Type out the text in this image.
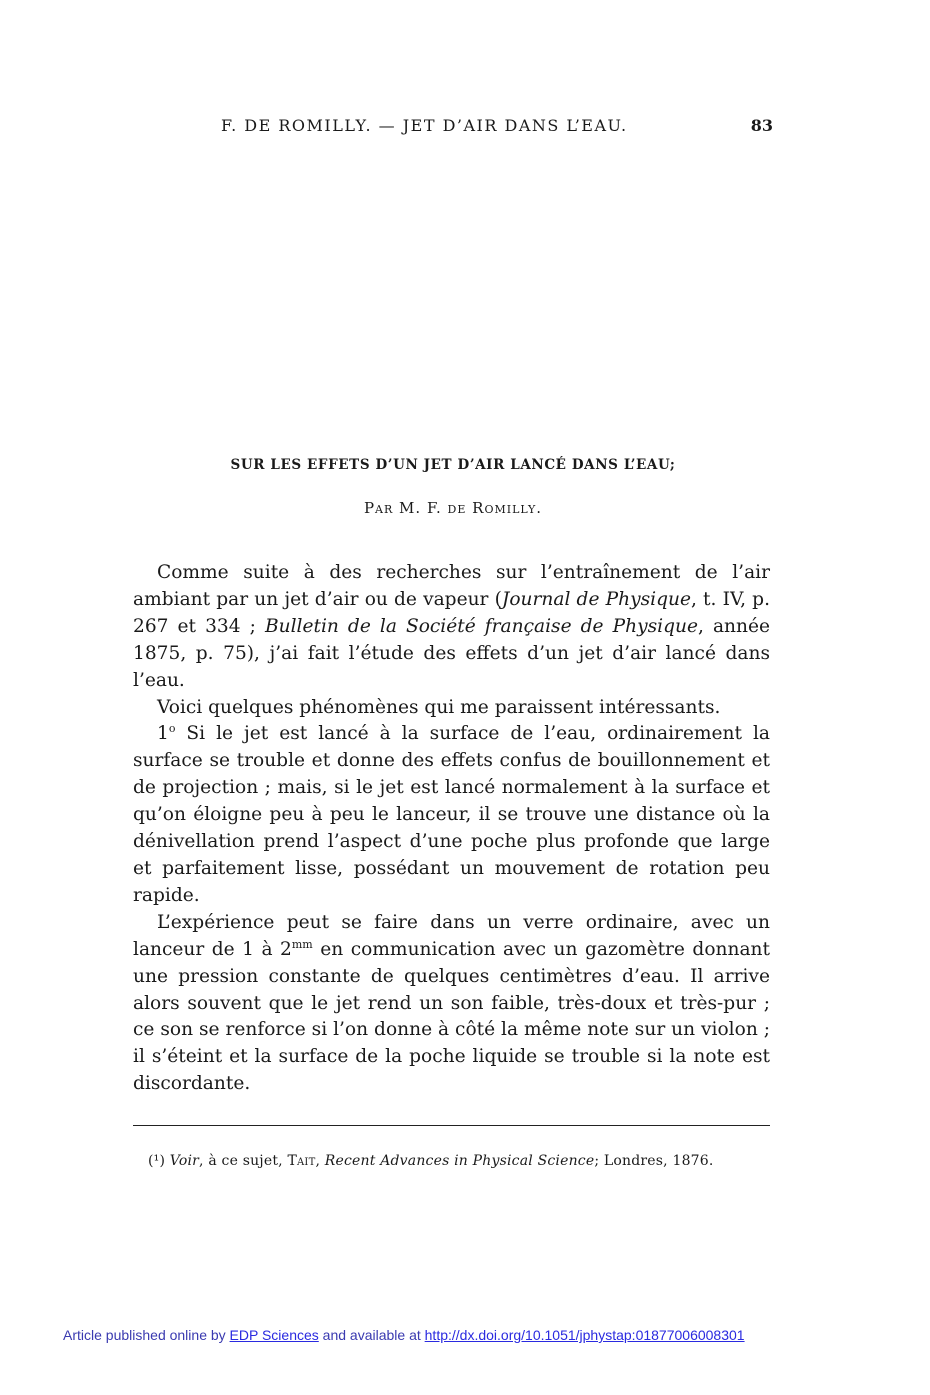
F. DE ROMILLY. — JET D’AIR DANS L’EAU.	83
SUR LES EFFETS D’UN JET D’AIR LANCÉ DANS L’EAU;
Par M. F. de Romilly.

Comme suite à des recherches sur l’entraînement de l’air ambiant par un jet d’air ou de vapeur (Journal de Physique, t. IV, p. 267 et 334 ; Bulletin de la Société française de Physique, année 1875, p. 75), j’ai fait l’étude des effets d’un jet d’air lancé dans l’eau.

Voici quelques phénomènes qui me paraissent intéressants.

1$^o$ Si le jet est lancé à la surface de l’eau, ordinairement la surface se trouble et donne des effets confus de bouillonnement et de projection ; mais, si le jet est lancé normalement à la surface et qu’on éloigne peu à peu le lanceur, il se trouve une distance où la dénivellation prend l’aspect d’une poche plus profonde que large et parfaitement lisse, possédant un mouvement de rotation peu rapide.

L’expérience peut se faire dans un verre ordinaire, avec un lanceur de 1 à $2^{mm}$ en communication avec un gazomètre donnant une pression constante de quelques centimètres d’eau. Il arrive alors souvent que le jet rend un son faible, très-doux et très-pur ; ce son se renforce si l’on donne à côté la même note sur un violon ; il s’éteint et la surface de la poche liquide se trouble si la note est discordante.

(¹) Voir, à ce sujet, Tait, Recent Advances in Physical Science; Londres, 1876.
Article published online by EDP Sciences and available at http://dx.doi.org/10.1051/jphystap:01877006008301
